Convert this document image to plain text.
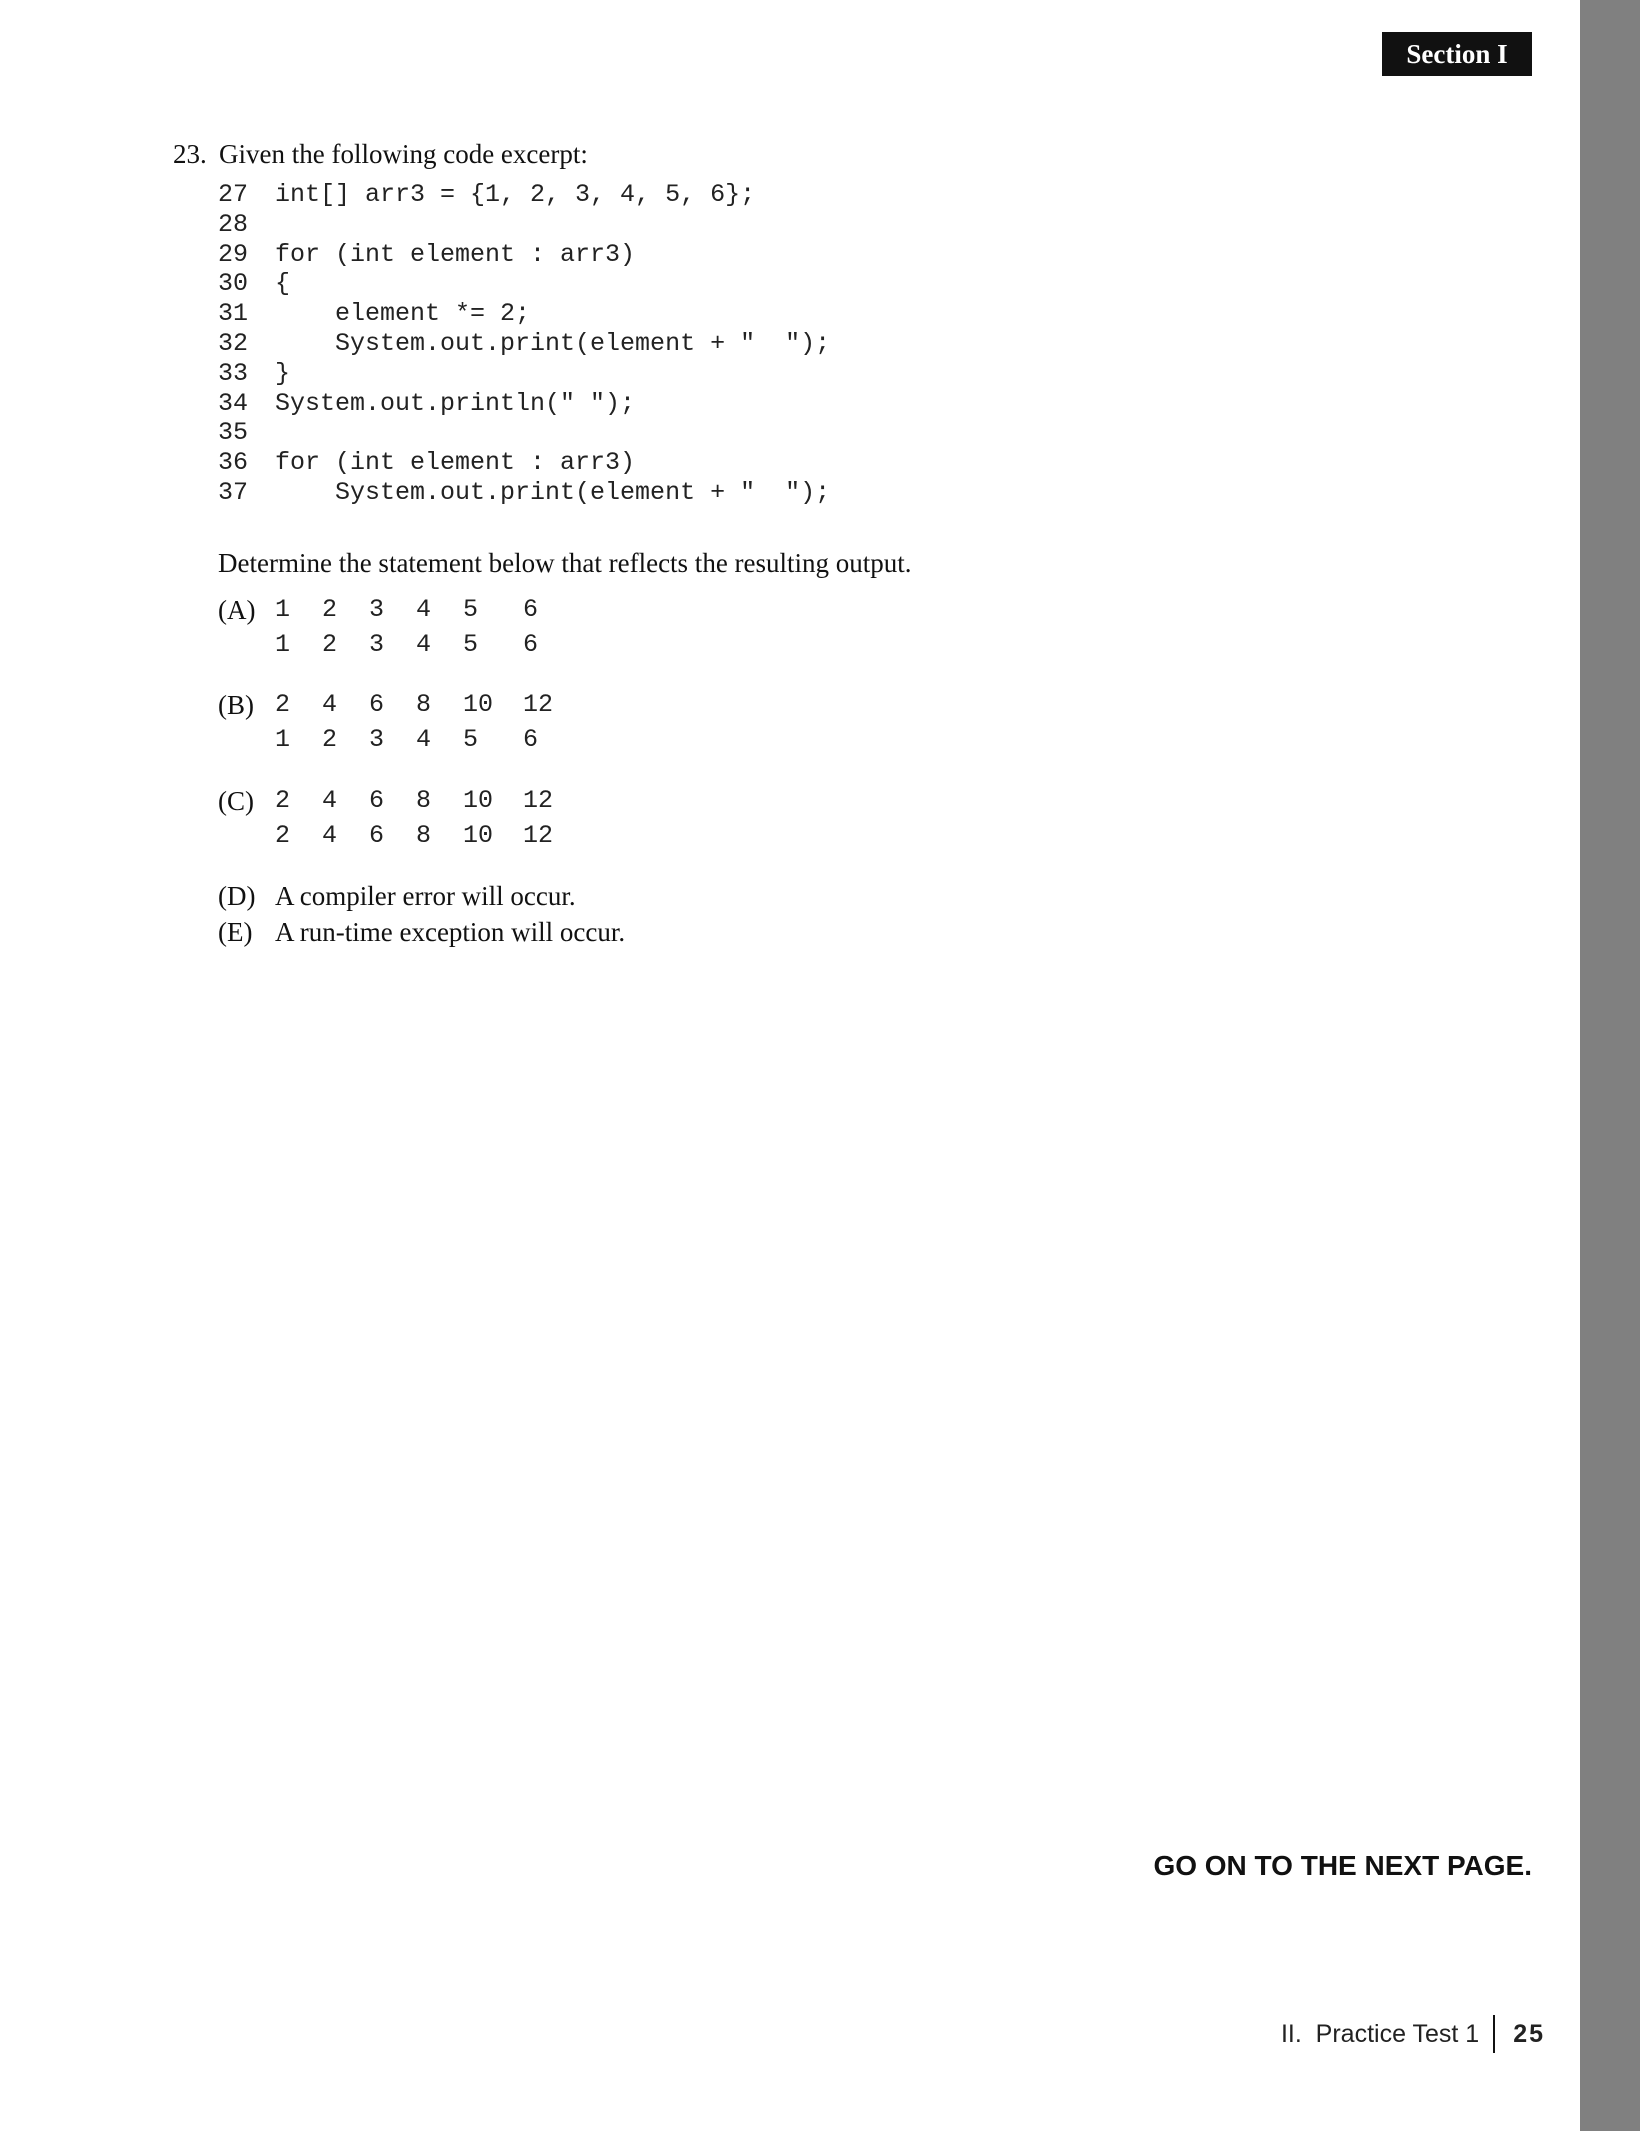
Section I
23. Given the following code excerpt:
27	int[] arr3 = {1, 2, 3, 4, 5, 6};
28
29	for (int element : arr3)
30	{
31	element *= 2;
32	System.out.print(element + "  ");
33	}
34	System.out.println(" ");
35
36	for (int element : arr3)
37	System.out.print(element + "  ");
Determine the statement below that reflects the resulting output.
(A) 1 2 3 4 5 6
1 2 3 4 5 6
(B) 2 4 6 8 10 12
1 2 3 4 5 6
(C) 2 4 6 8 10 12
2 4 6 8 10 12
(D) A compiler error will occur.
(E) A run-time exception will occur.
GO ON TO THE NEXT PAGE.
II.  Practice Test 1 25
